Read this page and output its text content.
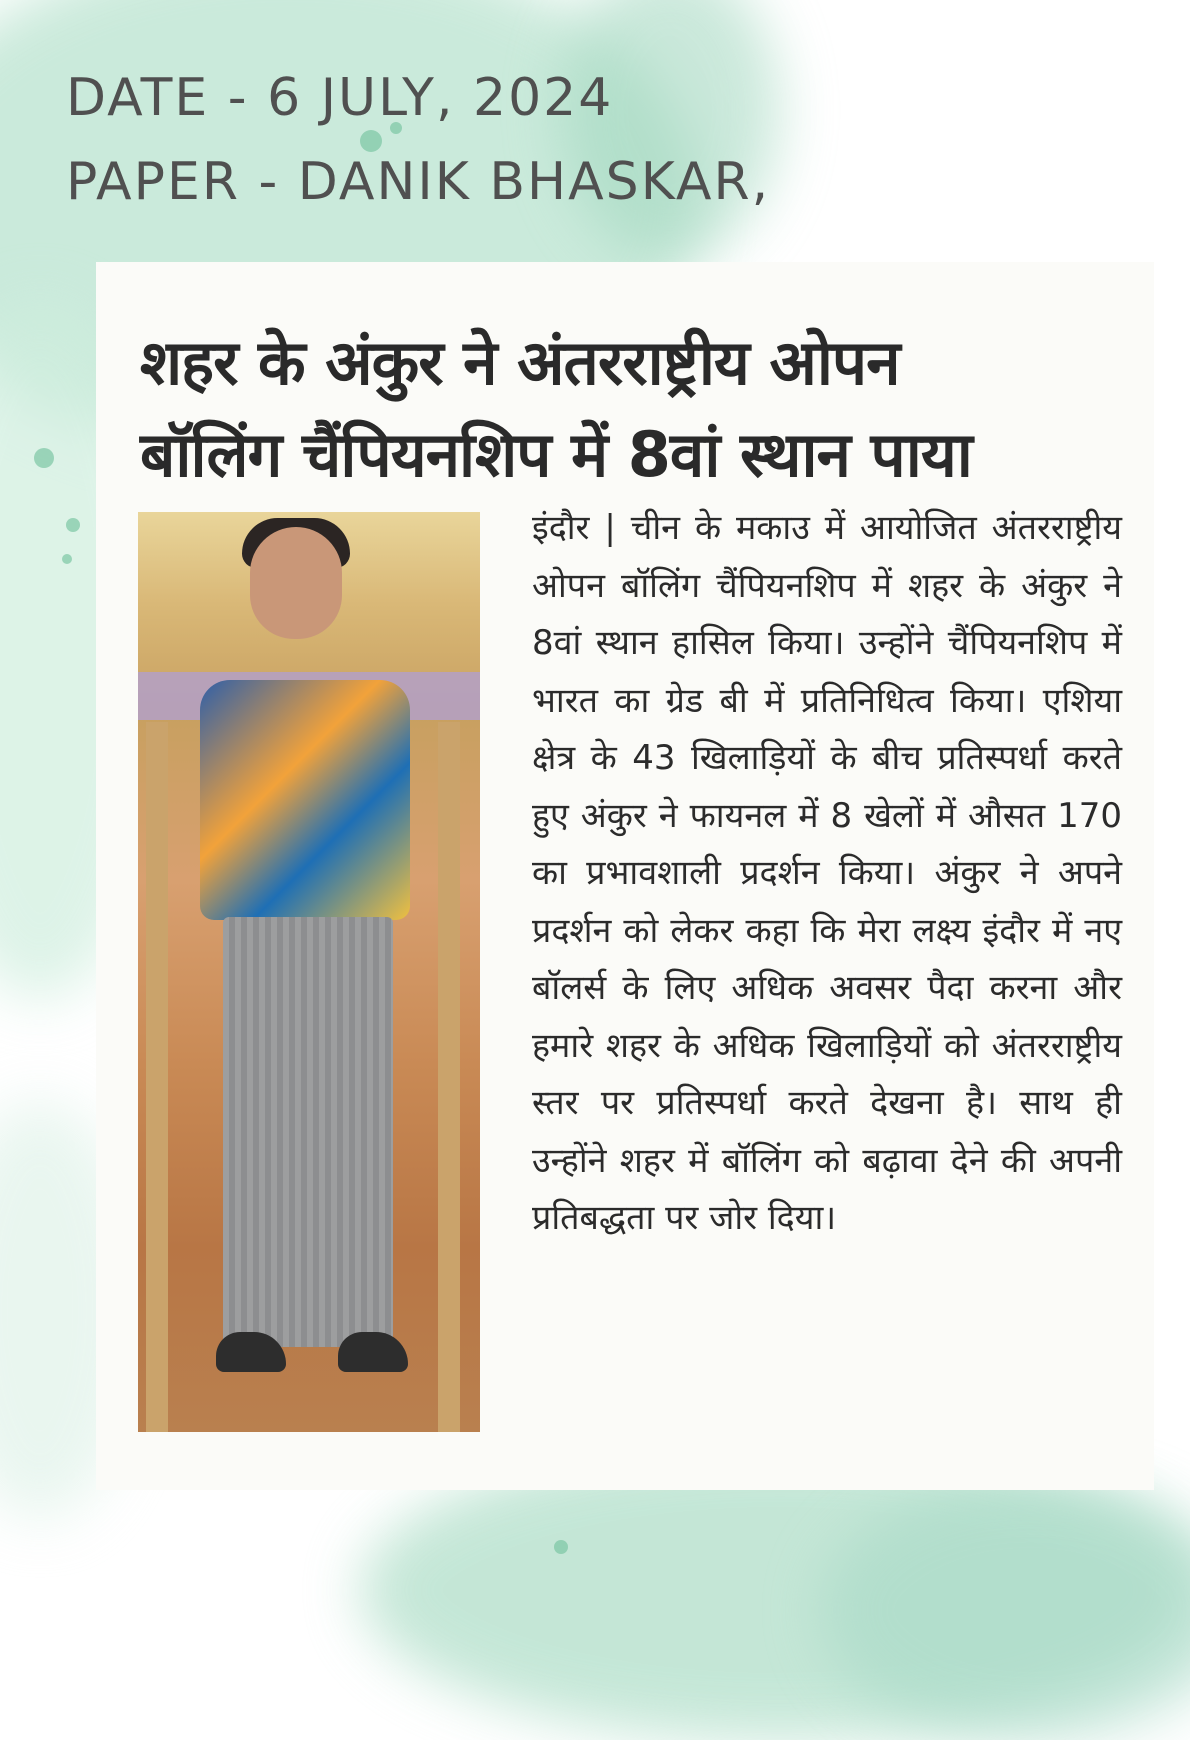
DATE - 6 JULY, 2024
PAPER - DANIK BHASKAR,
शहर के अंकुर ने अंतरराष्ट्रीय ओपन
बॉलिंग चैंपियनशिप में 8वां स्थान पाया
इंदौर | चीन के मकाउ में आयोजित अंतरराष्ट्रीय ओपन बॉलिंग चैंपियनशिप में शहर के अंकुर ने 8वां स्थान हासिल किया। उन्होंने चैंपियनशिप में भारत का ग्रेड बी में प्रतिनिधित्व किया। एशिया क्षेत्र के 43 खिलाड़ियों के बीच प्रतिस्पर्धा करते हुए अंकुर ने फायनल में 8 खेलों में औसत 170 का प्रभावशाली प्रदर्शन किया। अंकुर ने अपने प्रदर्शन को लेकर कहा कि मेरा लक्ष्य इंदौर में नए बॉलर्स के लिए अधिक अवसर पैदा करना और हमारे शहर के अधिक खिलाड़ियों को अंतरराष्ट्रीय स्तर पर प्रतिस्पर्धा करते देखना है। साथ ही उन्होंने शहर में बॉलिंग को बढ़ावा देने की अपनी प्रतिबद्धता पर जोर दिया।
